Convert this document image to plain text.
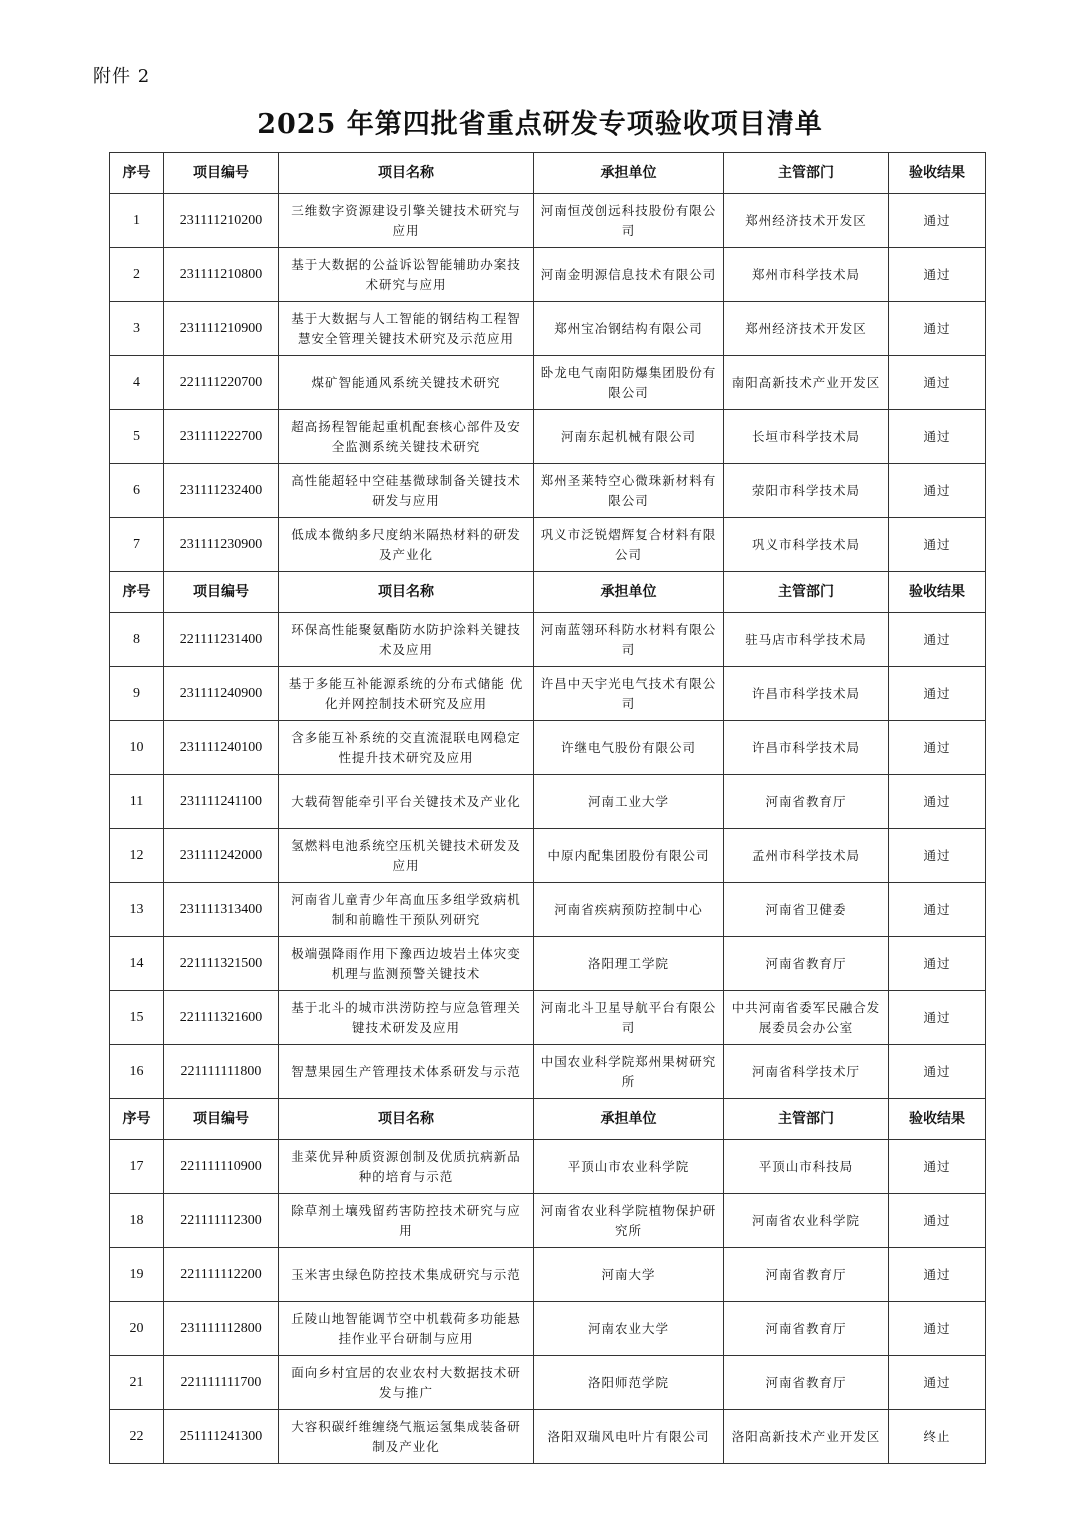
附件 2
2025 年第四批省重点研发专项验收项目清单
序号	项目编号	项目名称	承担单位	主管部门	验收结果
1	231111210200	三维数字资源建设引擎关键技术研究与应用	河南恒茂创远科技股份有限公司	郑州经济技术开发区	通过
2	231111210800	基于大数据的公益诉讼智能辅助办案技术研究与应用	河南金明源信息技术有限公司	郑州市科学技术局	通过
3	231111210900	基于大数据与人工智能的钢结构工程智慧安全管理关键技术研究及示范应用	郑州宝冶钢结构有限公司	郑州经济技术开发区	通过
4	221111220700	煤矿智能通风系统关键技术研究	卧龙电气南阳防爆集团股份有限公司	南阳高新技术产业开发区	通过
5	231111222700	超高扬程智能起重机配套核心部件及安全监测系统关键技术研究	河南东起机械有限公司	长垣市科学技术局	通过
6	231111232400	高性能超轻中空硅基微球制备关键技术研发与应用	郑州圣莱特空心微珠新材料有限公司	荥阳市科学技术局	通过
7	231111230900	低成本微纳多尺度纳米隔热材料的研发及产业化	巩义市泛锐熠辉复合材料有限公司	巩义市科学技术局	通过
序号	项目编号	项目名称	承担单位	主管部门	验收结果
8	221111231400	环保高性能聚氨酯防水防护涂料关键技术及应用	河南蓝翎环科防水材料有限公司	驻马店市科学技术局	通过
9	231111240900	基于多能互补能源系统的分布式储能 优化并网控制技术研究及应用	许昌中天宇光电气技术有限公司	许昌市科学技术局	通过
10	231111240100	含多能互补系统的交直流混联电网稳定性提升技术研究及应用	许继电气股份有限公司	许昌市科学技术局	通过
11	231111241100	大载荷智能牵引平台关键技术及产业化	河南工业大学	河南省教育厅	通过
12	231111242000	氢燃料电池系统空压机关键技术研发及应用	中原内配集团股份有限公司	孟州市科学技术局	通过
13	231111313400	河南省儿童青少年高血压多组学致病机制和前瞻性干预队列研究	河南省疾病预防控制中心	河南省卫健委	通过
14	221111321500	极端强降雨作用下豫西边坡岩土体灾变机理与监测预警关键技术	洛阳理工学院	河南省教育厅	通过
15	221111321600	基于北斗的城市洪涝防控与应急管理关键技术研发及应用	河南北斗卫星导航平台有限公司	中共河南省委军民融合发展委员会办公室	通过
16	221111111800	智慧果园生产管理技术体系研发与示范	中国农业科学院郑州果树研究所	河南省科学技术厅	通过
序号	项目编号	项目名称	承担单位	主管部门	验收结果
17	221111110900	韭菜优异种质资源创制及优质抗病新品种的培育与示范	平顶山市农业科学院	平顶山市科技局	通过
18	221111112300	除草剂土壤残留药害防控技术研究与应用	河南省农业科学院植物保护研究所	河南省农业科学院	通过
19	221111112200	玉米害虫绿色防控技术集成研究与示范	河南大学	河南省教育厅	通过
20	231111112800	丘陵山地智能调节空中机载荷多功能悬挂作业平台研制与应用	河南农业大学	河南省教育厅	通过
21	221111111700	面向乡村宜居的农业农村大数据技术研发与推广	洛阳师范学院	河南省教育厅	通过
22	251111241300	大容积碳纤维缠绕气瓶运氢集成装备研制及产业化	洛阳双瑞风电叶片有限公司	洛阳高新技术产业开发区	终止
